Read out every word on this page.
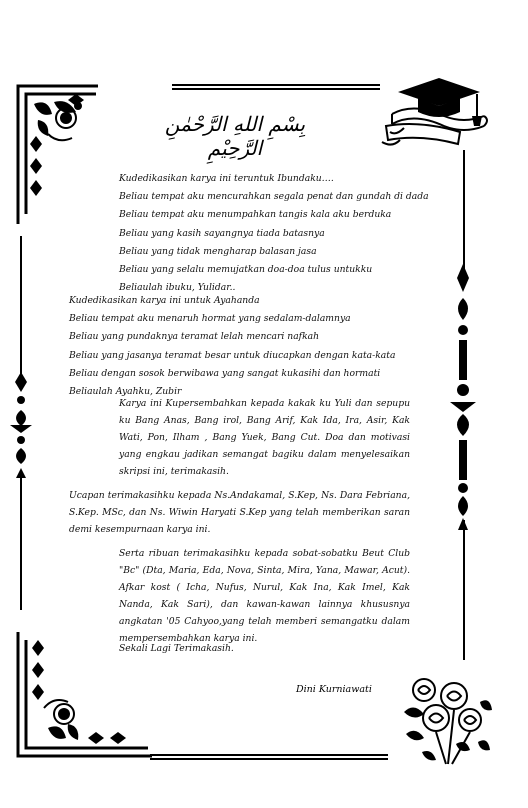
بِسْمِ اللهِ الرَّحْمٰنِ الرَّحِيْمِ
Kudedikasikan karya ini teruntuk Ibundaku….
Beliau tempat aku mencurahkan segala penat dan gundah di dada
Beliau tempat aku menumpahkan tangis kala aku berduka
Beliau yang kasih sayangnya tiada batasnya
Beliau yang tidak mengharap balasan jasa
Beliau yang selalu memujatkan doa-doa tulus untukku
Beliaulah ibuku, Yulidar..
Kudedikasikan karya ini untuk Ayahanda
Beliau tempat aku menaruh hormat yang sedalam-dalamnya
Beliau yang pundaknya teramat lelah mencari nafkah
Beliau yang jasanya teramat besar untuk diucapkan dengan kata-kata
Beliau dengan sosok berwibawa yang sangat kukasihi dan hormati
Beliaulah Ayahku, Zubir
Karya ini Kupersembahkan kepada kakak ku Yuli dan sepupu ku Bang Anas, Bang irol, Bang Arif, Kak Ida, Ira, Asir, Kak Wati, Pon, Ilham , Bang Yuek, Bang Cut. Doa dan motivasi yang engkau jadikan semangat bagiku dalam menyelesaikan skripsi ini, terimakasih.
Ucapan terimakasihku kepada Ns.Andakamal, S.Kep, Ns. Dara Febriana, S.Kep. MSc, dan Ns. Wiwin Haryati S.Kep yang telah memberikan saran demi kesempurnaan karya ini.
Serta ribuan terimakasihku kepada sobat-sobatku Beut Club "Bc" (Dta, Maria, Eda, Nova, Sinta, Mira, Yana, Mawar, Acut). Afkar kost ( Icha, Nufus, Nurul, Kak Ina, Kak Imel, Kak Nanda, Kak Sari), dan kawan-kawan lainnya khususnya angkatan '05 Cahyoo,yang telah memberi semangatku dalam mempersembahkan karya ini.
Sekali Lagi Terimakasih.
Dini Kurniawati
